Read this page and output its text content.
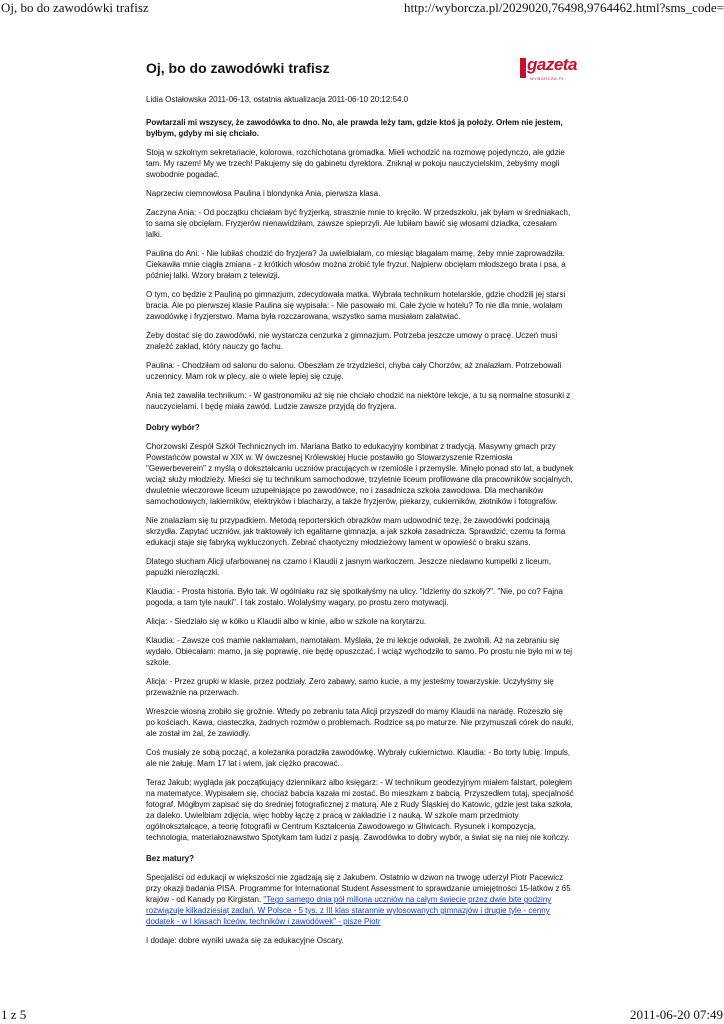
Oj, bo do zawodówki trafisz	http://wyborcza.pl/2029020,76498,9764462.html?sms_code=
gazeta
WYBORCZA.PL
Oj, bo do zawodówki trafisz
Lidia Ostałowska 2011-06-13, ostatnia aktualizacja 2011-06-10 20:12:54.0
Powtarzali mi wszyscy, że zawodówka to dno. No, ale prawda leży tam, gdzie ktoś ją położy. Orłem nie jestem, byłbym, gdyby mi się chciało.

Stoją w szkolnym sekretariacie, kolorowa, rozchichotana gromadka. Mieli wchodzić na rozmowę pojedynczo, ale gdzie tam. My razem! My we trzech! Pakujemy się do gabinetu dyrektora. Zniknął w pokoju nauczycielskim, żebyśmy mogli swobodnie pogadać.

Naprzeciw ciemnowłosa Paulina i blondynka Ania, pierwsza klasa.

Zaczyna Ania: - Od początku chciałam być fryzjerką, strasznie mnie to kręciło. W przedszkolu, jak byłam w średniakach, to sama się obcięłam. Fryzjerów nienawidziłam, zawsze spieprzyli. Ale lubiłam bawić się włosami dziadka, czesałam lalki.

Paulina do Ani: - Nie lubiłaś chodzić do fryzjera? Ja uwielbiałam, co miesiąc błagałam mamę, żeby mnie zaprowadziła. Ciekawiła mnie ciągła zmiana - z krótkich włosów można zrobić tyle fryzur. Najpierw obcięłam młodszego brata i psa, a później lalki. Wzory brałam z telewizji.

O tym, co będzie z Pauliną po gimnazjum, zdecydowała matka. Wybrała technikum hotelarskie, gdzie chodzili jej starsi bracia. Ale po pierwszej klasie Paulina się wypisała: - Nie pasowało mi. Całe życie w hotelu? To nie dla mnie, wolałam zawodówkę i fryzjerstwo. Mama była rozczarowana, wszystko sama musiałam załatwiać.

Żeby dostać się do zawodówki, nie wystarcza cenzurka z gimnazjum. Potrzeba jeszcze umowy o pracę. Uczeń musi znaleźć zakład, który nauczy go fachu.

Paulina: - Chodziłam od salonu do salonu. Obeszłam ze trzydzieści, chyba cały Chorzów, aż znalazłam. Potrzebowali uczennicy. Mam rok w plecy, ale o wiele lepiej się czuję.

Ania też zawaliła technikum: - W gastronomiku aż się nie chciało chodzić na niektóre lekcje, a tu są normalne stosunki z nauczycielami. I będę miała zawód. Ludzie zawsze przyjdą do fryzjera.

Dobry wybór?

Chorzowski Zespół Szkół Technicznych im. Mariana Batko to edukacyjny kombinat z tradycją. Masywny gmach przy Powstańców powstał w XIX w. W ówczesnej Królewskiej Hucie postawiło go Stowarzyszenie Rzemiosła "Gewerbeverein" z myślą o dokształcaniu uczniów pracujących w rzemiośle i przemyśle. Minęło ponad sto lat, a budynek wciąż służy młodzieży. Mieści się tu technikum samochodowe, trzyletnie liceum profilowane dla pracowników socjalnych, dwuletnie wieczorowe liceum uzupełniające po zawodówce, no i zasadnicza szkoła zawodowa. Dla mechaników samochodowych, lakierników, elektryków i blacharzy, a także fryzjerów, piekarzy, cukierników, złotników i fotografów.

Nie znalazłam się tu przypadkiem. Metodą reporterskich obrazków mam udowodnić tezę, że zawodówki podcinają skrzydła. Zapytać uczniów, jak traktowały ich egalitarne gimnazja, a jak szkoła zasadnicza. Sprawdzić, czemu ta forma edukacji staje się fabryką wykluczonych. Zebrać chaotyczny młodzieżowy lament w opowieść o braku szans.

Dlatego słucham Alicji ufarbowanej na czarno i Klaudii z jasnym warkoczem. Jeszcze niedawno kumpelki z liceum, papużki nierozłączki.

Klaudia: - Prosta historia. Było tak. W ogólniaku raz się spotkałyśmy na ulicy. "Idziemy do szkoły?". "Nie, po co? Fajna pogoda, a tam tyle nauki". I tak zostało. Wolałyśmy wagary, po prostu zero motywacji.

Alicja: - Siedziało się w kółko u Klaudii albo w kinie, albo w szkole na korytarzu.

Klaudia: - Zawsze coś mamie nakłamałam, namotałam. Myślała, że mi lekcje odwołali, że zwolnili. Aż na zebraniu się wydało. Obiecałam: mamo, ja się poprawię, nie będę opuszczać. I wciąż wychodziło to samo. Po prostu nie było mi w tej szkole.

Alicja: - Przez grupki w klasie, przez podziały. Zero zabawy, samo kucie, a my jesteśmy towarzyskie. Uczyłyśmy się przeważnie na przerwach.

Wreszcie wiosną zrobiło się groźnie. Wtedy po zebraniu tata Alicji przyszedł do mamy Klaudii na naradę. Rozeszło się po kościach. Kawa, ciasteczka, żadnych rozmów o problemach. Rodzice są po maturze. Nie przymuszali córek do nauki, ale został im żal, że zawiodły.

Coś musiały ze sobą począć, a koleżanka poradziła zawodówkę. Wybrały cukiernictwo. Klaudia: - Bo torty lubię. Impuls, ale nie żałuję. Mam 17 lat i wiem, jak ciężko pracować.

Teraz Jakub; wygląda jak początkujący dziennikarz albo księgarz: - W technikum geodezyjnym miałem falstart, poległem na matematyce. Wypisałem się, chociaż babcia kazała mi zostać. Bo mieszkam z babcią. Przyszedłem tutaj, specjalność fotograf. Mógłbym zapisać się do średniej fotograficznej z maturą. Ale z Rudy Śląskiej do Katowic, gdzie jest taka szkoła, za daleko. Uwielbiam zdjęcia, więc hobby łączę z pracą w zakładzie i z nauką. W szkole mam przedmioty ogólnokształcące, a teorię fotografii w Centrum Kształcenia Zawodowego w Gliwicach. Rysunek i kompozycja, technologia, materiałoznawstwo Spotykam tam ludzi z pasją. Zawodówka to dobry wybór, a świat się na niej nie kończy.

Bez matury?

Specjaliści od edukacji w większości nie zgadzają się z Jakubem. Ostatnio w dzwon na trwogę uderzył Piotr Pacewicz przy okazji badania PISA. Programme for International Student Assessment to sprawdzanie umiejętności 15-latków z 65 krajów - od Kanady po Kirgistan. "Tego samego dnia pół miliona uczniów na całym świecie przez dwie bite godziny rozwiązuje kilkadziesiąt zadań. W Polsce - 5 tys. z III klas starannie wylosowanych gimnazjów i drugie tyle - cenny dodatek - w I klasach liceów, techników i zawodówek" - pisze Piotr

I dodaje: dobre wyniki uważa się za edukacyjne Oscary.

1 z 5	2011-06-20 07:49
